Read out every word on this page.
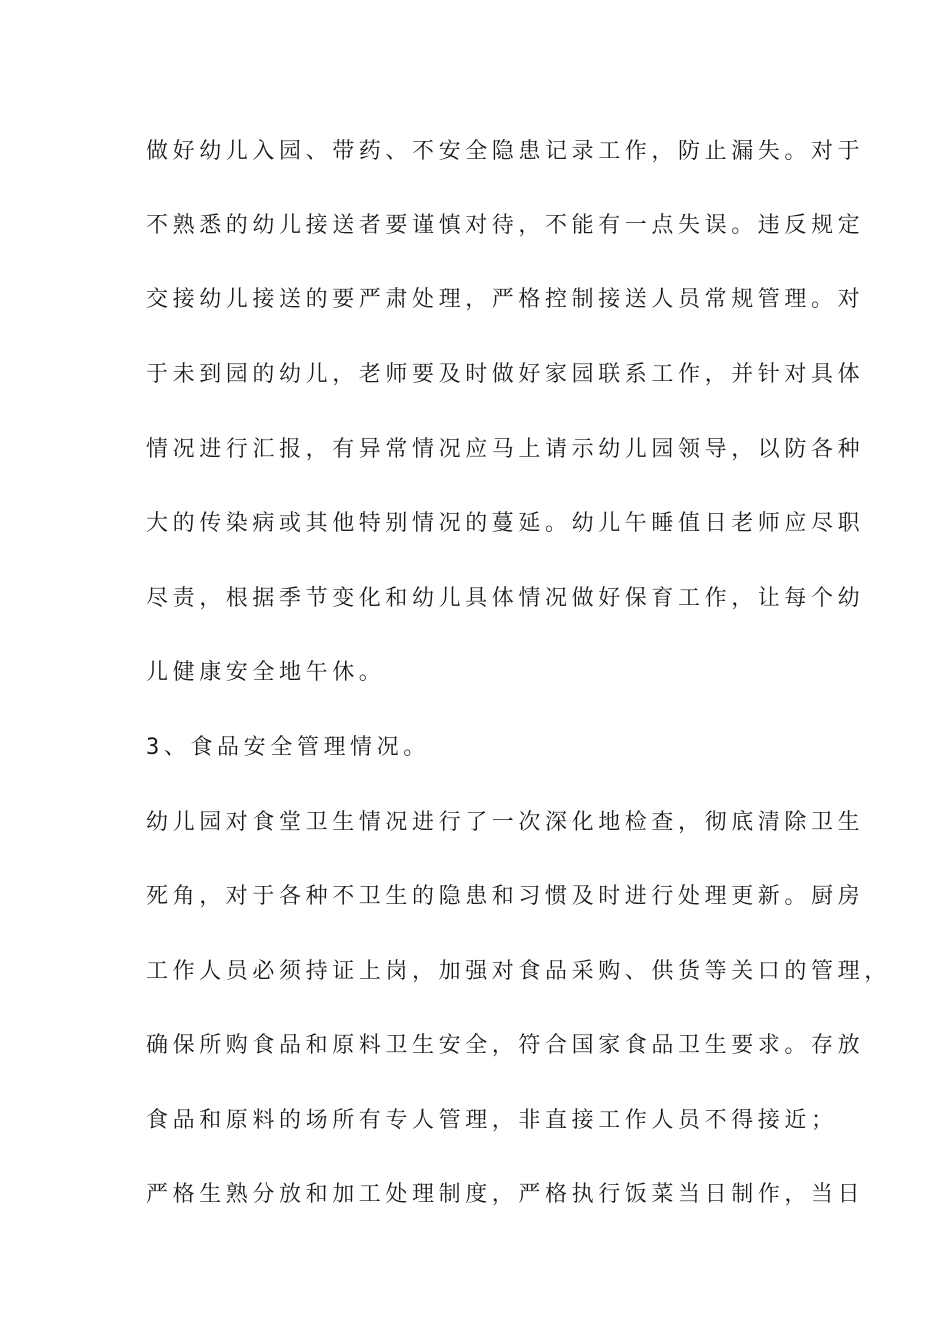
做好幼儿入园、带药、不安全隐患记录工作，防止漏失。对于
不熟悉的幼儿接送者要谨慎对待，不能有一点失误。违反规定
交接幼儿接送的要严肃处理，严格控制接送人员常规管理。对
于未到园的幼儿，老师要及时做好家园联系工作，并针对具体
情况进行汇报，有异常情况应马上请示幼儿园领导，以防各种
大的传染病或其他特别情况的蔓延。幼儿午睡值日老师应尽职
尽责，根据季节变化和幼儿具体情况做好保育工作，让每个幼
儿健康安全地午休。
3、食品安全管理情况。
幼儿园对食堂卫生情况进行了一次深化地检查，彻底清除卫生
死角，对于各种不卫生的隐患和习惯及时进行处理更新。厨房
工作人员必须持证上岗，加强对食品采购、供货等关口的管理，
确保所购食品和原料卫生安全，符合国家食品卫生要求。存放
食品和原料的场所有专人管理，非直接工作人员不得接近；
严格生熟分放和加工处理制度，严格执行饭菜当日制作，当日
